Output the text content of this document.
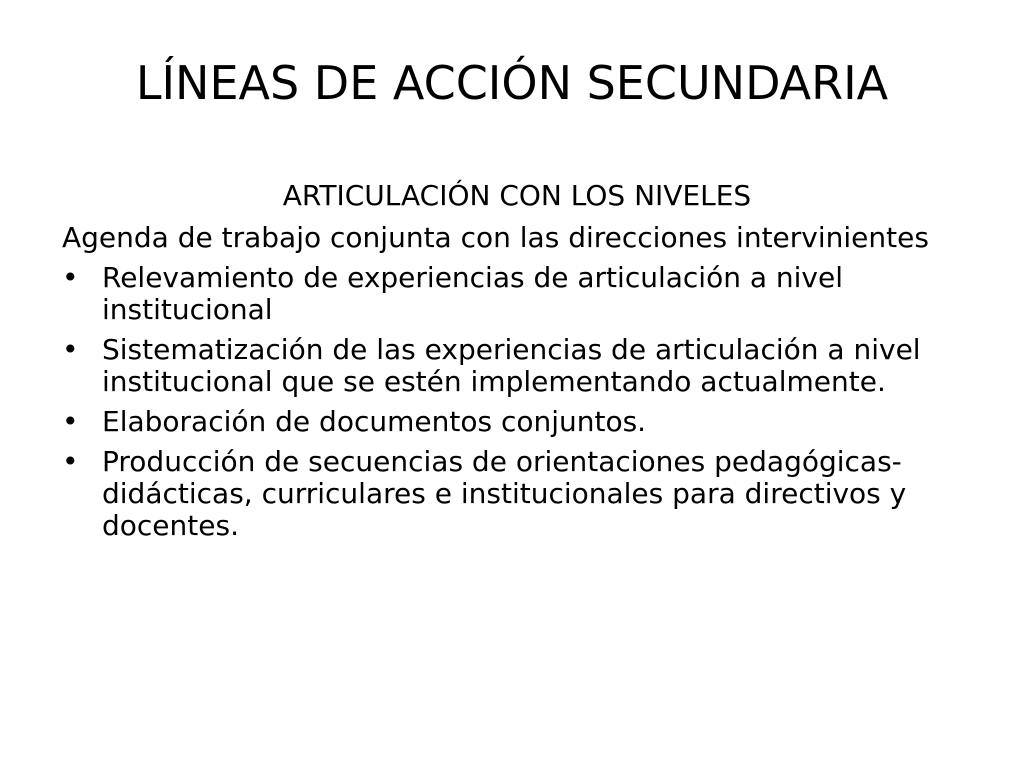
LÍNEAS DE ACCIÓN SECUNDARIA

ARTICULACIÓN CON LOS NIVELES

Agenda de trabajo conjunta con las direcciones intervinientes

• Relevamiento de experiencias de articulación a nivel institucional
• Sistematización de las experiencias de articulación a nivel institucional que se estén implementando actualmente.
• Elaboración de documentos conjuntos.
• Producción de secuencias de orientaciones pedagógicas-didácticas, curriculares e institucionales para directivos y docentes.
